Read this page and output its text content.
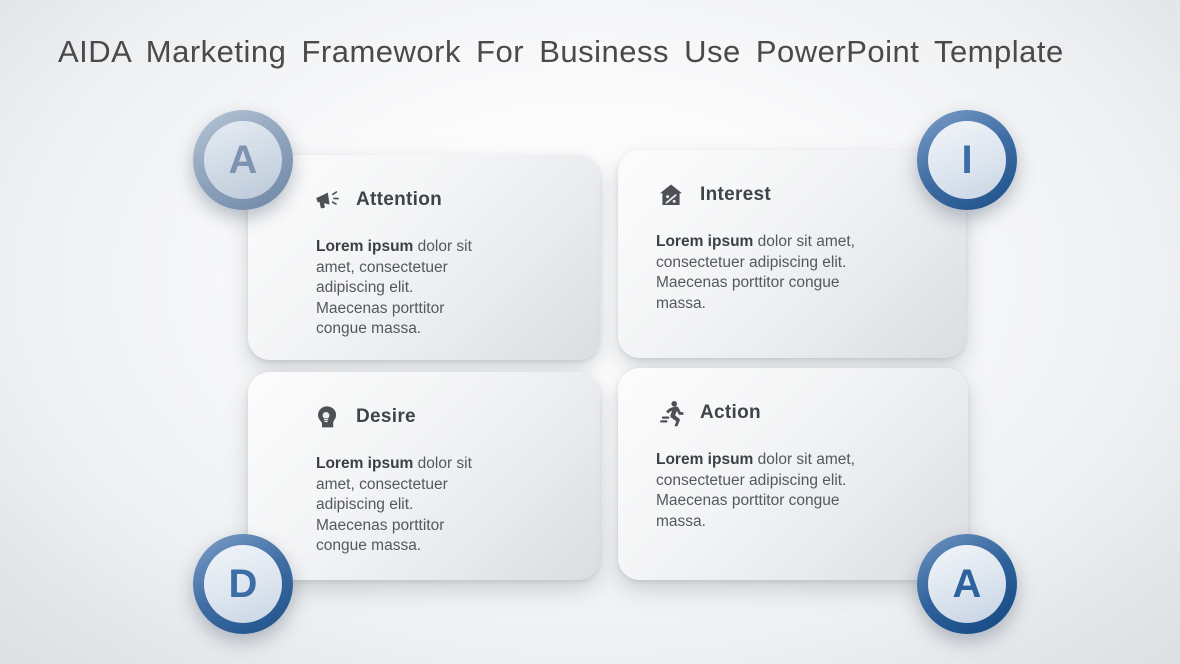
AIDA Marketing Framework For Business Use PowerPoint Template
Attention
Lorem ipsum dolor sit amet, consectetuer adipiscing elit. Maecenas porttitor congue massa.
Interest
Lorem ipsum dolor sit amet, consectetuer adipiscing elit. Maecenas porttitor congue massa.
Desire
Lorem ipsum dolor sit amet, consectetuer adipiscing elit. Maecenas porttitor congue massa.
Action
Lorem ipsum dolor sit amet, consectetuer adipiscing elit. Maecenas porttitor congue massa.
A	I
D	A
